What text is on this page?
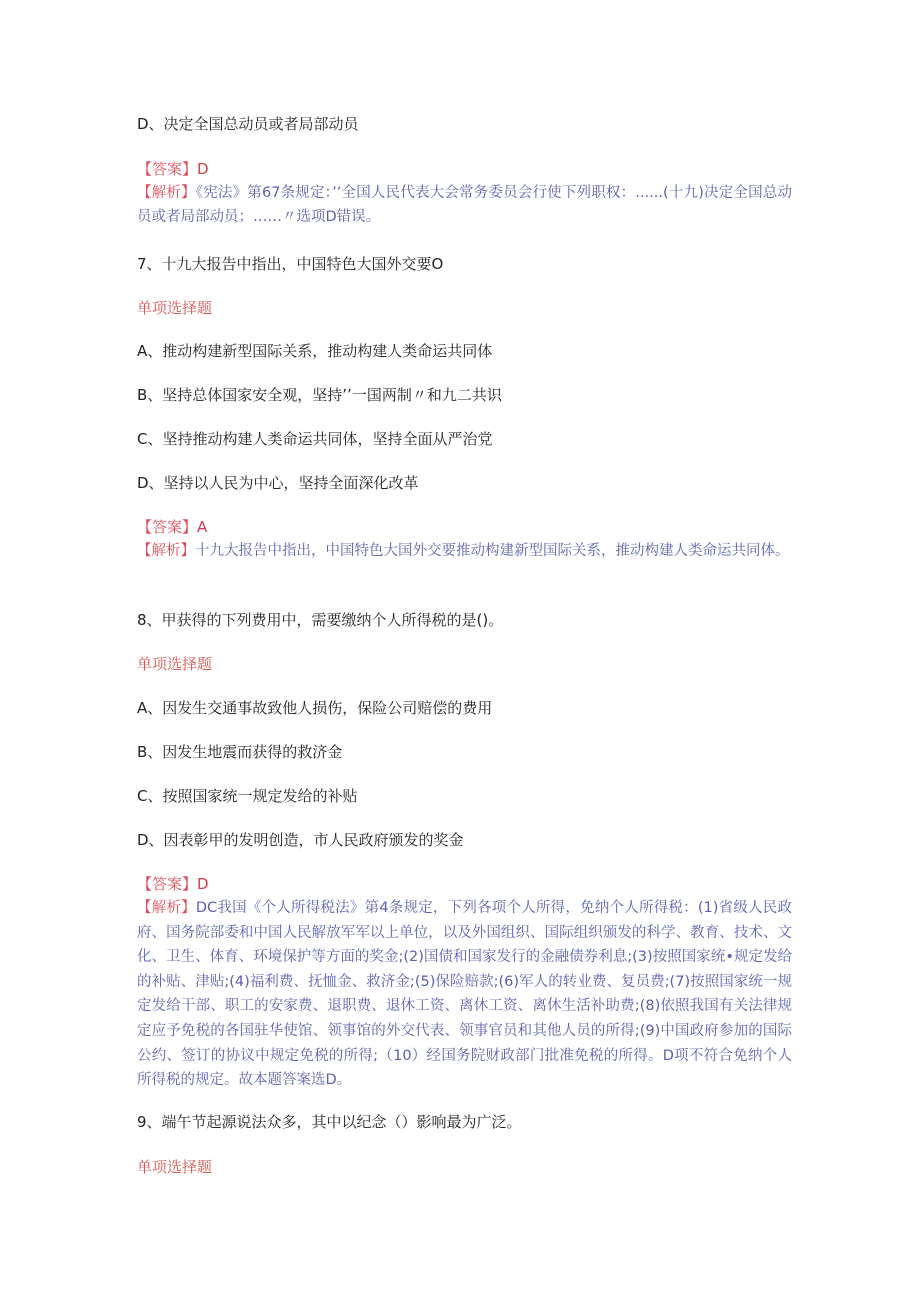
D、决定全国总动员或者局部动员
【答案】D
【解析】《宪法》第67条规定：’’全国人民代表大会常务委员会行使下列职权：......(十九)决定全国总动员或者局部动员；……〃选项D错误。
7、十九大报告中指出，中国特色大国外交要O
单项选择题
A、推动构建新型国际关系，推动构建人类命运共同体
B、坚持总体国家安全观，坚持’’一国两制〃和九二共识
C、坚持推动构建人类命运共同体，坚持全面从严治党
D、坚持以人民为中心，坚持全面深化改革
【答案】A
【解析】十九大报告中指出，中国特色大国外交要推动构建新型国际关系，推动构建人类命运共同体。
8、甲获得的下列费用中，需要缴纳个人所得税的是()。
单项选择题
A、因发生交通事故致他人损伤，保险公司赔偿的费用
B、因发生地震而获得的救济金
C、按照国家统一规定发给的补贴
D、因表彰甲的发明创造，市人民政府颁发的奖金
【答案】D
【解析】DC我国《个人所得税法》第4条规定，下列各项个人所得，免纳个人所得税：(1)省级人民政府、国务院部委和中国人民解放军军以上单位，以及外国组织、国际组织颁发的科学、教育、技术、文化、卫生、体育、环境保护等方面的奖金;(2)国债和国家发行的金融债券利息;(3)按照国家统•规定发给的补贴、津贴;(4)福利费、抚恤金、救济金;(5)保险赔款;(6)军人的转业费、复员费;(7)按照国家统一规定发给干部、职工的安家费、退职费、退休工资、离休工资、离休生活补助费;(8)依照我国有关法律规定应予免税的各国驻华使馆、领事馆的外交代表、领事官员和其他人员的所得;(9)中国政府参加的国际公约、签订的协议中规定免税的所得;（10）经国务院财政部门批准免税的所得。D项不符合免纳个人所得税的规定。故本题答案选D。
9、端午节起源说法众多，其中以纪念（）影响最为广泛。
单项选择题
